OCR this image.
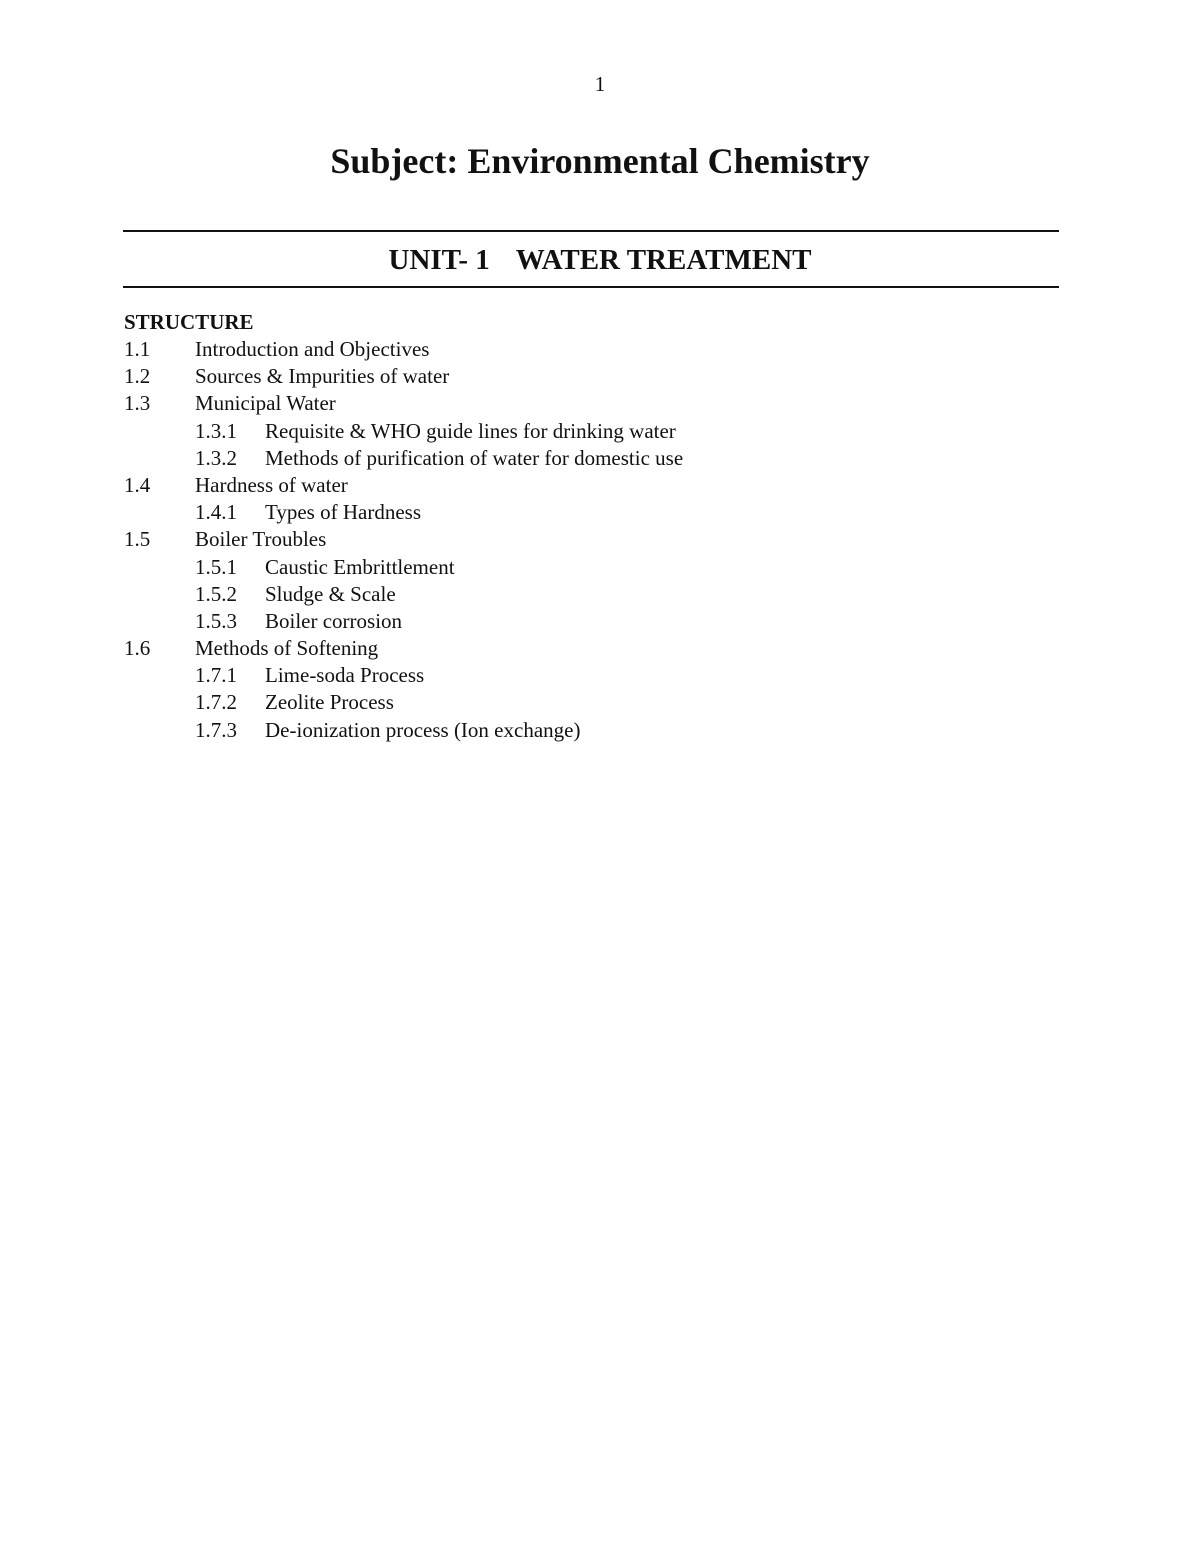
1
Subject: Environmental Chemistry
UNIT- 1 WATER TREATMENT
STRUCTURE
1.1 Introduction and Objectives
1.2 Sources & Impurities of water
1.3 Municipal Water
1.3.1 Requisite & WHO guide lines for drinking water
1.3.2 Methods of purification of water for domestic use
1.4 Hardness of water
1.4.1 Types of Hardness
1.5 Boiler Troubles
1.5.1 Caustic Embrittlement
1.5.2 Sludge & Scale
1.5.3 Boiler corrosion
1.6 Methods of Softening
1.7.1 Lime-soda Process
1.7.2 Zeolite Process
1.7.3 De-ionization process (Ion exchange)
